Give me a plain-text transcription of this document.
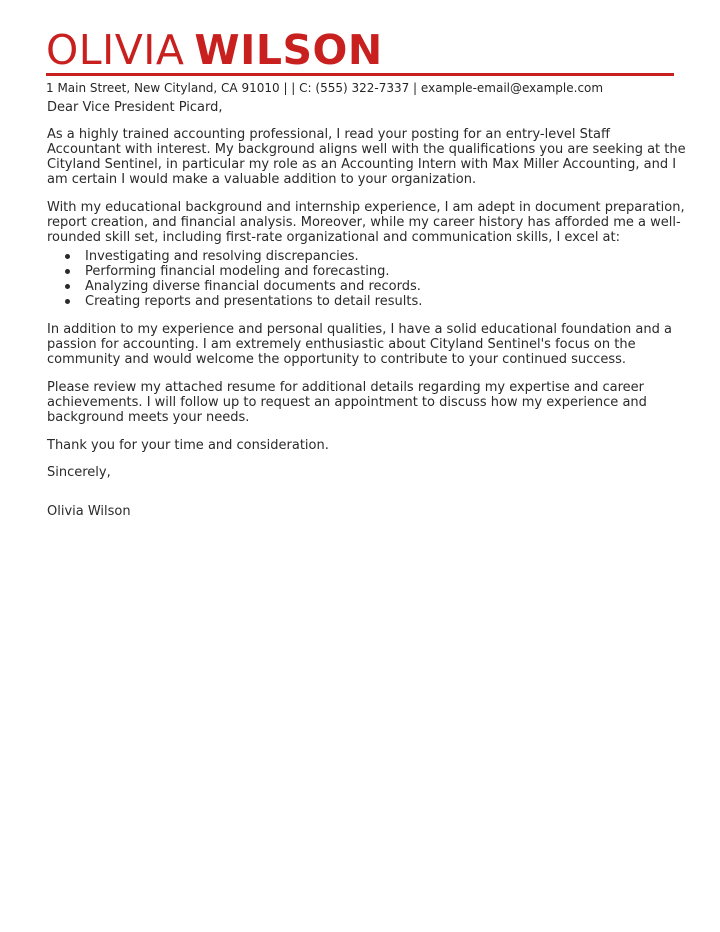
OLIVIA WILSON
1 Main Street, New Cityland, CA 91010 | | C: (555) 322-7337 | example-email@example.com

Dear Vice President Picard,

As a highly trained accounting professional, I read your posting for an entry-level Staff Accountant with interest. My background aligns well with the qualifications you are seeking at the Cityland Sentinel, in particular my role as an Accounting Intern with Max Miller Accounting, and I am certain I would make a valuable addition to your organization.

With my educational background and internship experience, I am adept in document preparation, report creation, and financial analysis. Moreover, while my career history has afforded me a well-rounded skill set, including first-rate organizational and communication skills, I excel at:

Investigating and resolving discrepancies.
Performing financial modeling and forecasting.
Analyzing diverse financial documents and records.
Creating reports and presentations to detail results.

In addition to my experience and personal qualities, I have a solid educational foundation and a passion for accounting. I am extremely enthusiastic about Cityland Sentinel's focus on the community and would welcome the opportunity to contribute to your continued success.

Please review my attached resume for additional details regarding my expertise and career achievements. I will follow up to request an appointment to discuss how my experience and background meets your needs.

Thank you for your time and consideration.

Sincerely,

Olivia Wilson
